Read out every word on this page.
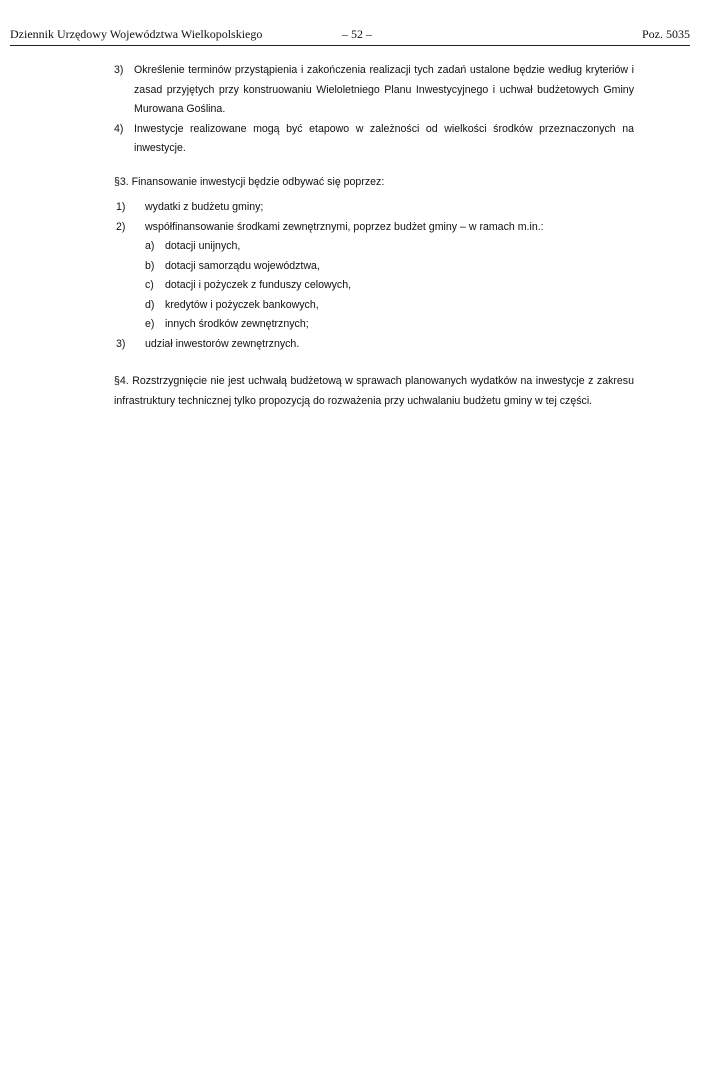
Dziennik Urzędowy Województwa Wielkopolskiego	– 52 –	Poz. 5035
3) Określenie terminów przystąpienia i zakończenia realizacji tych zadań ustalone będzie według kryteriów i zasad przyjętych przy konstruowaniu Wieloletniego Planu Inwestycyjnego i uchwał budżetowych Gminy Murowana Goślina.
4) Inwestycje realizowane mogą być etapowo w zależności od wielkości środków przeznaczonych na inwestycje.
§3. Finansowanie inwestycji będzie odbywać się poprzez:
1) wydatki z budżetu gminy;
2) współfinansowanie środkami zewnętrznymi, poprzez budżet gminy – w ramach m.in.:
a) dotacji unijnych,
b) dotacji samorządu województwa,
c) dotacji i pożyczek z funduszy celowych,
d) kredytów i pożyczek bankowych,
e) innych środków zewnętrznych;
3) udział inwestorów zewnętrznych.
§4. Rozstrzygnięcie nie jest uchwałą budżetową w sprawach planowanych wydatków na inwestycje z zakresu infrastruktury technicznej tylko propozycją do rozważenia przy uchwalaniu budżetu gminy w tej części.
